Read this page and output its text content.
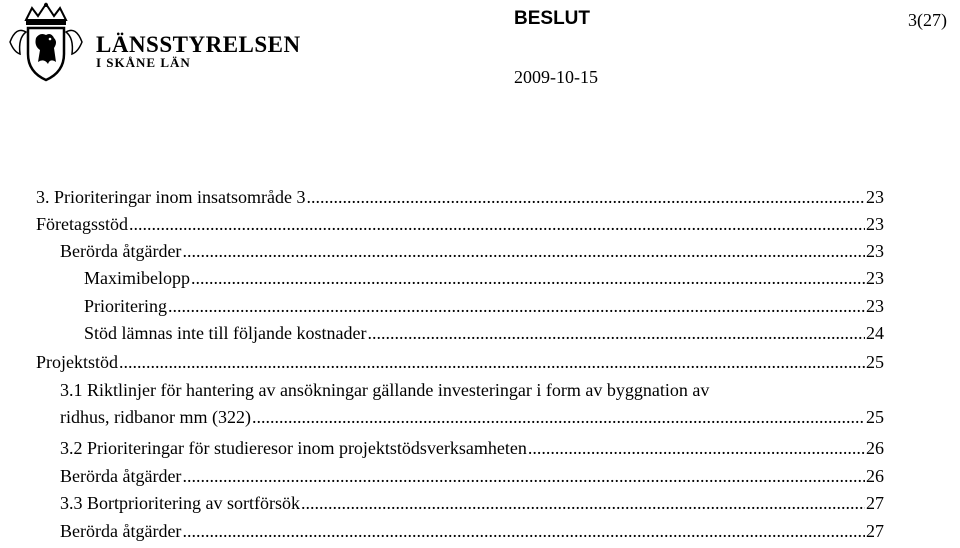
LÄNSSTYRELSEN
I SKÅNE LÄN
BESLUT	3(27)
2009-10-15
3. Prioriteringar inom insatsområde 3 .....	23
Företagsstöd .....	23
Berörda åtgärder .....	23
Maximibelopp .....	23
Prioritering .....	23
Stöd lämnas inte till följande kostnader .....	24
Projektstöd .....	25
3.1 Riktlinjer för hantering av ansökningar gällande investeringar i form av byggnation av
ridhus, ridbanor mm (322) .....	25
3.2 Prioriteringar för studieresor inom projektstödsverksamheten .....	26
Berörda åtgärder .....	26
3.3 Bortprioritering av sortförsök .....	27
Berörda åtgärder .....	27
